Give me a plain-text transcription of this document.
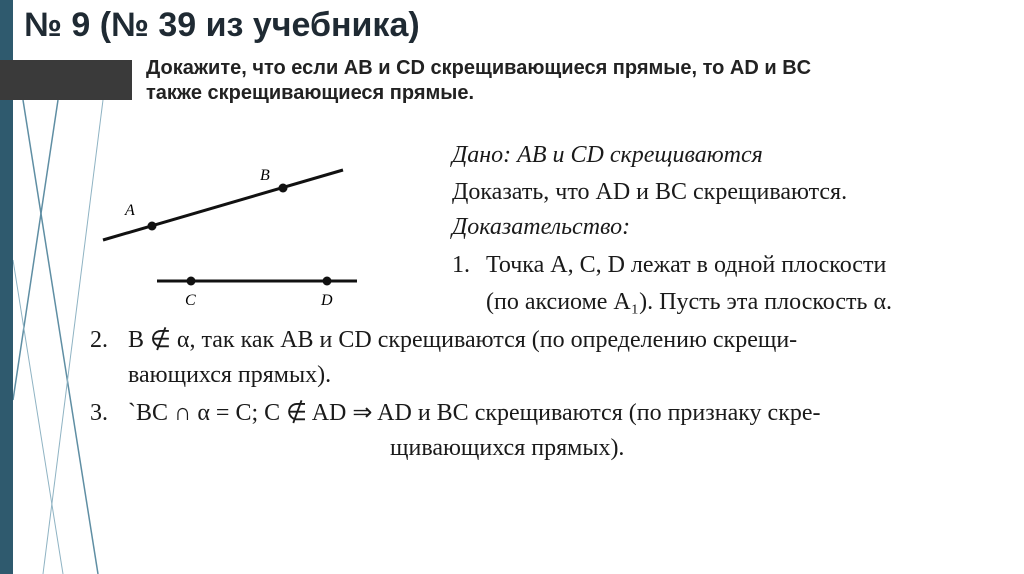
№ 9 (№ 39 из учебника)
Докажите, что если AB и CD скрещивающиеся прямые, то AD и BC
также скрещивающиеся прямые.
A
B
C	D
Дано: AB и CD скрещиваются
Доказать, что AD и BC скрещиваются.
Доказательство:
1. Точка A, C, D лежат в одной плоскости
(по аксиоме A₁). Пусть эта плоскость α.
2. B ∉ α, так как AB и CD скрещиваются (по определению скрещи-
вающихся прямых).
3. `BC ∩ α = C; C ∉ AD ⇒ AD и BC скрещиваются (по признаку скре-
щивающихся прямых).
